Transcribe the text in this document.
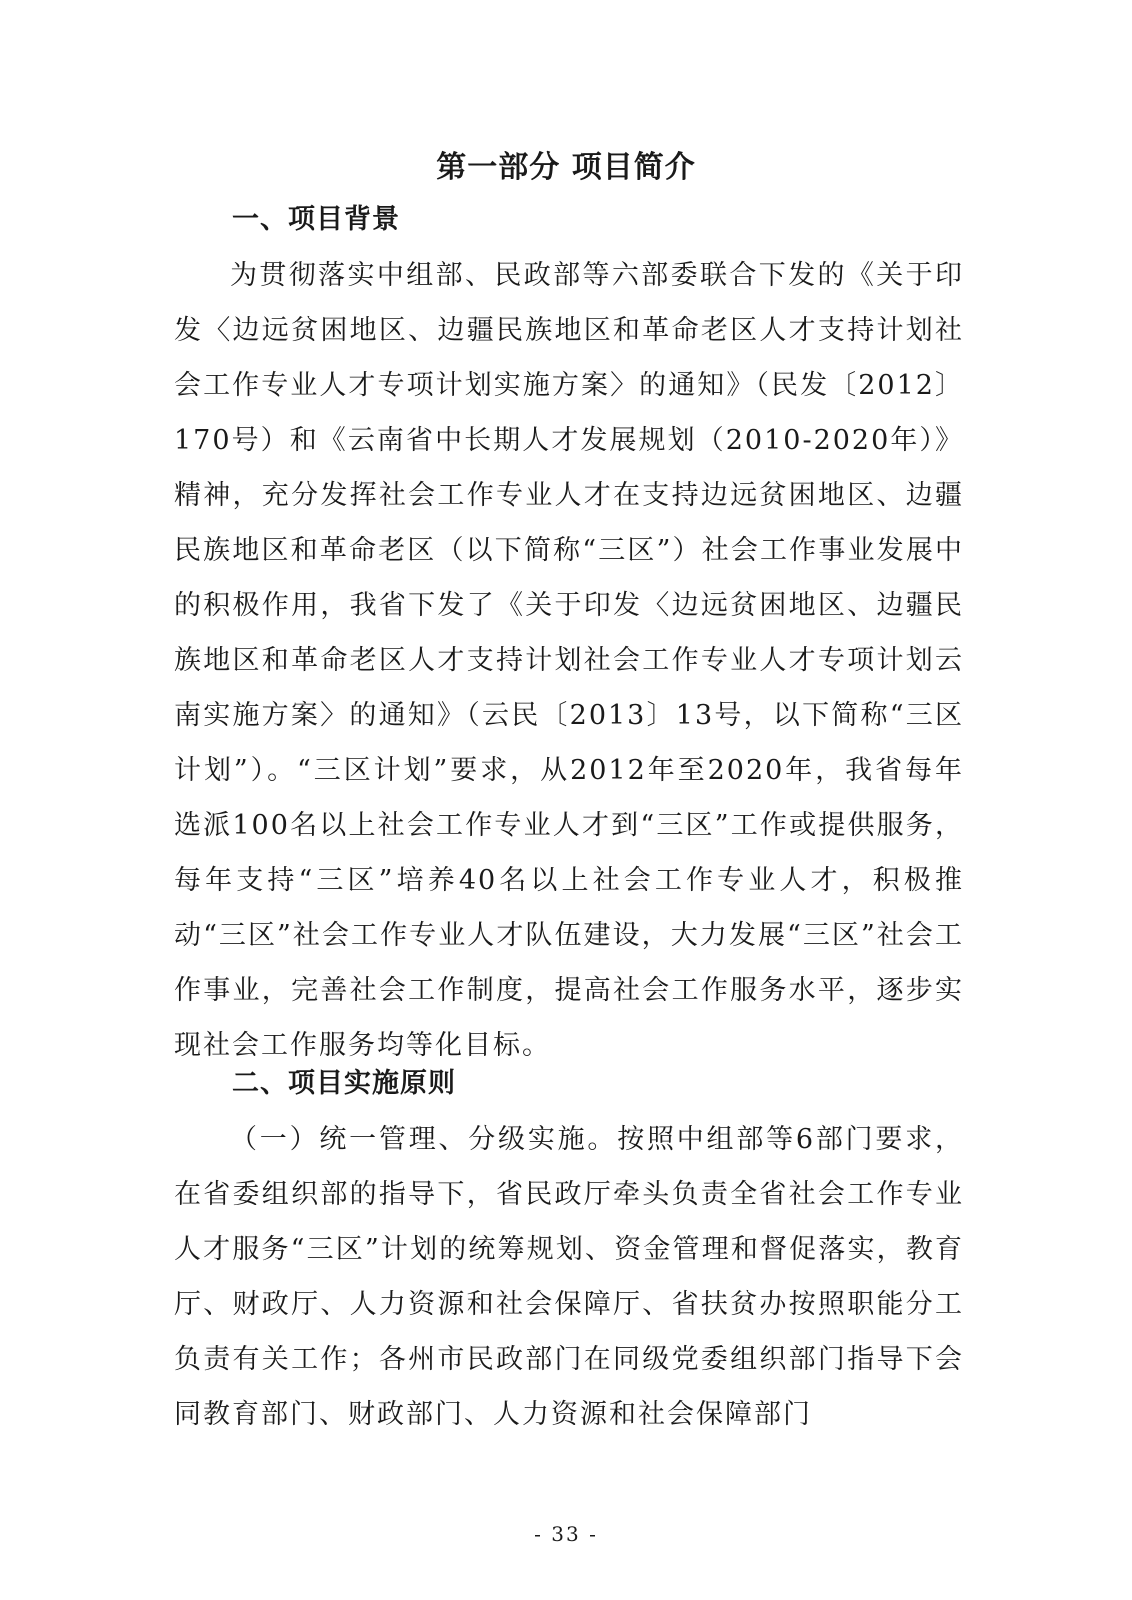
第一部分 项目简介
一、项目背景

为贯彻落实中组部、民政部等六部委联合下发的《关于印发〈边远贫困地区、边疆民族地区和革命老区人才支持计划社会工作专业人才专项计划实施方案〉的通知》（民发〔2012〕170号）和《云南省中长期人才发展规划（2010-2020年）》精神，充分发挥社会工作专业人才在支持边远贫困地区、边疆民族地区和革命老区（以下简称“三区”）社会工作事业发展中的积极作用，我省下发了《关于印发〈边远贫困地区、边疆民族地区和革命老区人才支持计划社会工作专业人才专项计划云南实施方案〉的通知》（云民〔2013〕13号，以下简称“三区计划”）。“三区计划”要求，从2012年至2020年，我省每年选派100名以上社会工作专业人才到“三区”工作或提供服务，每年支持“三区”培养40名以上社会工作专业人才，积极推动“三区”社会工作专业人才队伍建设，大力发展“三区”社会工作事业，完善社会工作制度，提高社会工作服务水平，逐步实现社会工作服务均等化目标。

二、项目实施原则

（一）统一管理、分级实施。按照中组部等6部门要求，在省委组织部的指导下，省民政厅牵头负责全省社会工作专业人才服务“三区”计划的统筹规划、资金管理和督促落实，教育厅、财政厅、人力资源和社会保障厅、省扶贫办按照职能分工负责有关工作；各州市民政部门在同级党委组织部门指导下会同教育部门、财政部门、人力资源和社会保障部门

- 33 -
